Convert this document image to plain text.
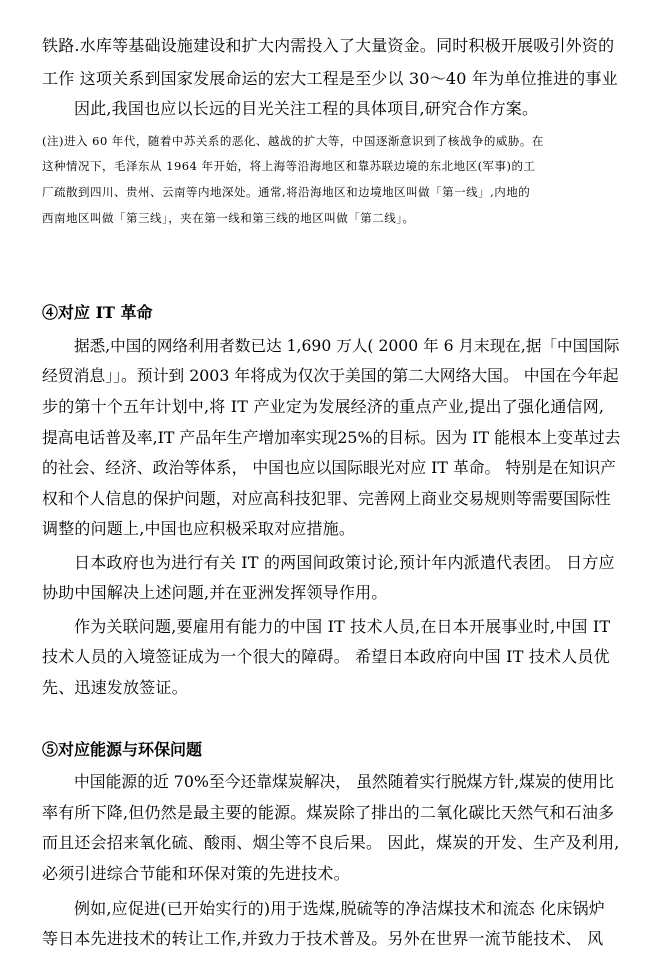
铁路.水库等基础设施建设和扩大内需投入了大量资金。同时积极开展吸引外资的
工作 这项关系到国家发展命运的宏大工程是至少以 30～40 年为单位推进的事业
因此,我国也应以长远的目光关注工程的具体项目,研究合作方案。
(注)进入 60 年代，随着中苏关系的恶化、越战的扩大等，中国逐渐意识到了核战争的威胁。在
这种情况下，毛泽东从 1964 年开始，将上海等沿海地区和靠苏联边境的东北地区(军事)的工
厂疏散到四川、贵州、云南等内地深处。通常,将沿海地区和边境地区叫做「第一线」,内地的
西南地区叫做「第三线」，夹在第一线和第三线的地区叫做「第二线」。
④对应 IT 革命
据悉,中国的网络利用者数已达 1,690 万人( 2000 年 6 月末现在,据「中国国际
经贸消息」」。预计到 2003 年将成为仅次于美国的第二大网络大国。 中国在今年起
步的第十个五年计划中,将 IT 产业定为发展经济的重点产业,提出了强化通信网,
提高电话普及率,IT 产品年生产增加率实现25%的目标。因为 IT 能根本上变革过去
的社会、经济、政治等体系， 中国也应以国际眼光对应 IT 革命。 特别是在知识产
权和个人信息的保护问题，对应高科技犯罪、完善网上商业交易规则等需要国际性
调整的问题上,中国也应积极采取对应措施。
日本政府也为进行有关 IT 的两国间政策讨论,预计年内派遣代表团。 日方应
协助中国解决上述问题,并在亚洲发挥领导作用。
作为关联问题,要雇用有能力的中国 IT 技术人员,在日本开展事业时,中国 IT
技术人员的入境签证成为一个很大的障碍。 希望日本政府向中国 IT 技术人员优
先、迅速发放签证。
⑤对应能源与环保问题
中国能源的近 70%至今还靠煤炭解决， 虽然随着实行脱煤方针,煤炭的使用比
率有所下降,但仍然是最主要的能源。煤炭除了排出的二氧化碳比天然气和石油多
而且还会招来氧化硫、酸雨、烟尘等不良后果。 因此，煤炭的开发、生产及利用,
必须引进综合节能和环保对策的先进技术。
例如,应促进(已开始实行的)用于选煤,脱硫等的净洁煤技术和流态 化床锅炉
等日本先进技术的转让工作,并致力于技术普及。另外在世界一流节能技术、 风
